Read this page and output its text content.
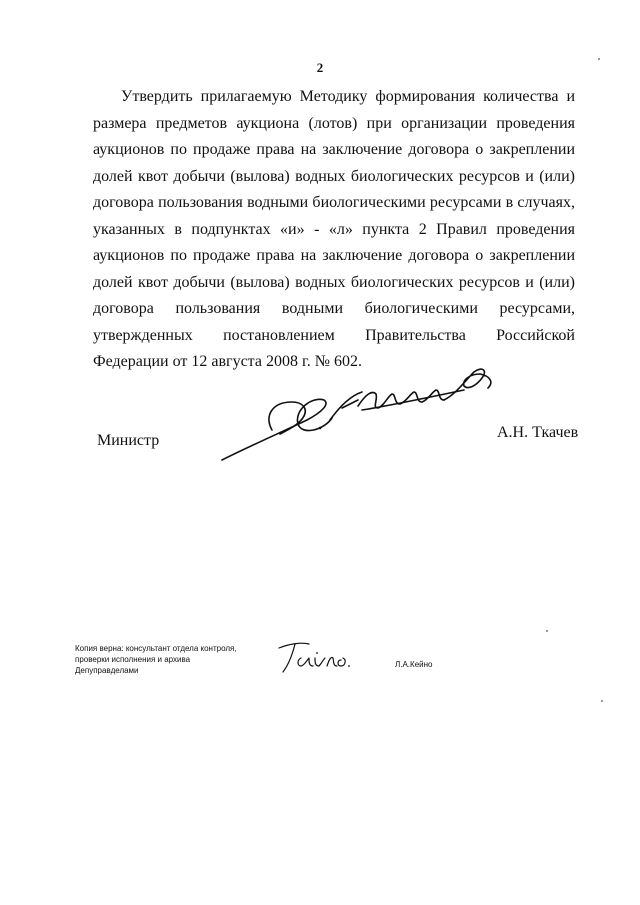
2

Утвердить прилагаемую Методику формирования количества и размера предметов аукциона (лотов) при организации проведения аукционов по продаже права на заключение договора о закреплении долей квот добычи (вылова) водных биологических ресурсов и (или) договора пользования водными биологическими ресурсами в случаях, указанных в подпунктах «и» - «л» пункта 2 Правил проведения аукционов по продаже права на заключение договора о закреплении долей квот добычи (вылова) водных биологических ресурсов и (или) договора пользования водными биологическими ресурсами, утвержденных постановлением Правительства Российской Федерации от 12 августа 2008 г. № 602.

Министр	А.Н. Ткачев
Копия верна: консультант отдела контроля,
проверки исполнения и архива
Депуправделами
Л.А.Кейно
